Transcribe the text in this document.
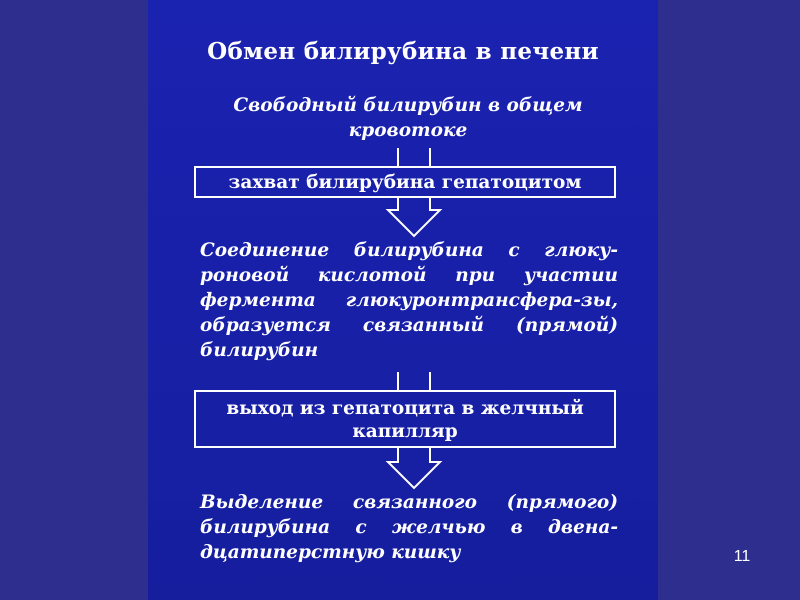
Обмен билирубина в печени
Свободный билирубин в общем кровотоке
захват билирубина гепатоцитом
Соединение билирубина с глюку-роновой кислотой при участии фермента глюкуронтрансфера-зы, образуется связанный (прямой) билирубин
выход из гепатоцита в желчный капилляр
Выделение связанного (прямого) билирубина с желчью в двена-дцатиперстную кишку	11
